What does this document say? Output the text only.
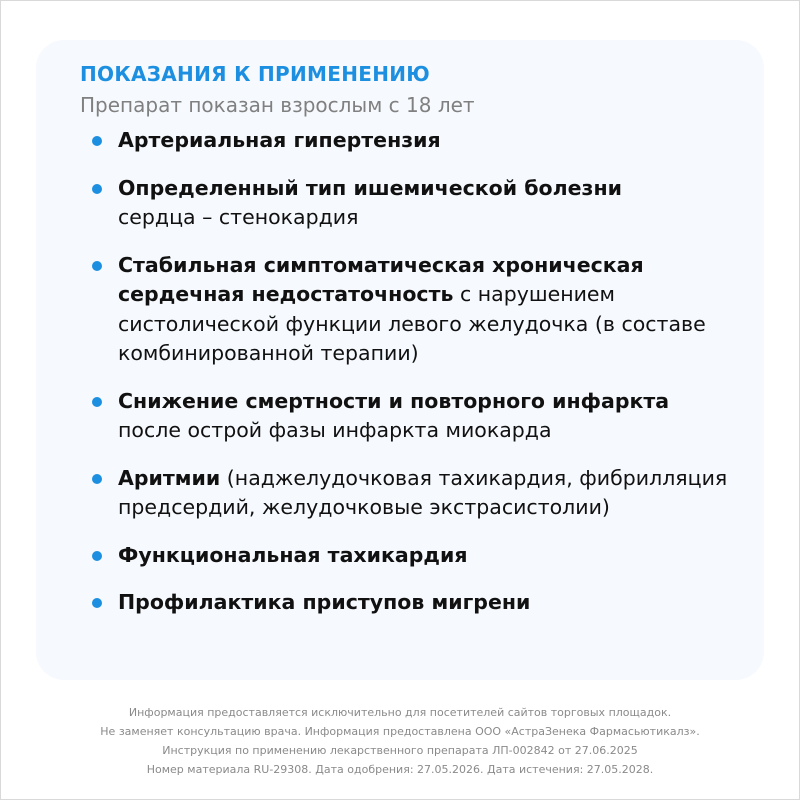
ПОКАЗАНИЯ К ПРИМЕНЕНИЮ
Препарат показан взрослым с 18 лет
Артериальная гипертензия
Определенный тип ишемической болезни
сердца – стенокардия
Стабильная симптоматическая хроническая сердечная недостаточность с нарушением систолической функции левого желудочка (в составе комбинированной терапии)
Снижение смертности и повторного инфаркта
после острой фазы инфаркта миокарда
Аритмии (наджелудочковая тахикардия, фибрилляция предсердий, желудочковые экстрасистолии)
Функциональная тахикардия
Профилактика приступов мигрени
Информация предоставляется исключительно для посетителей сайтов торговых площадок.
Не заменяет консультацию врача. Информация предоставлена ООО «АстраЗенека Фармасьютикалз».
Инструкция по применению лекарственного препарата ЛП-002842 от 27.06.2025
Номер материала RU-29308. Дата одобрения: 27.05.2026. Дата истечения: 27.05.2028.
